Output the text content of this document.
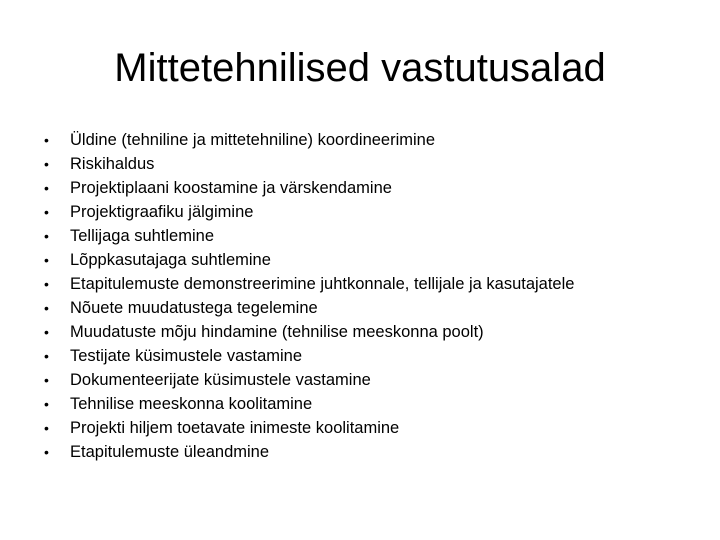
Mittetehnilised vastutusalad
•	Üldine (tehniline ja mittetehniline) koordineerimine
•	Riskihaldus
•	Projektiplaani koostamine ja värskendamine
•	Projektigraafiku jälgimine
•	Tellijaga suhtlemine
•	Lõppkasutajaga suhtlemine
•	Etapitulemuste demonstreerimine juhtkonnale, tellijale ja kasutajatele
•	Nõuete muudatustega tegelemine
•	Muudatuste mõju hindamine (tehnilise meeskonna poolt)
•	Testijate küsimustele vastamine
•	Dokumenteerijate küsimustele vastamine
•	Tehnilise meeskonna koolitamine
•	Projekti hiljem toetavate inimeste koolitamine
•	Etapitulemuste üleandmine
